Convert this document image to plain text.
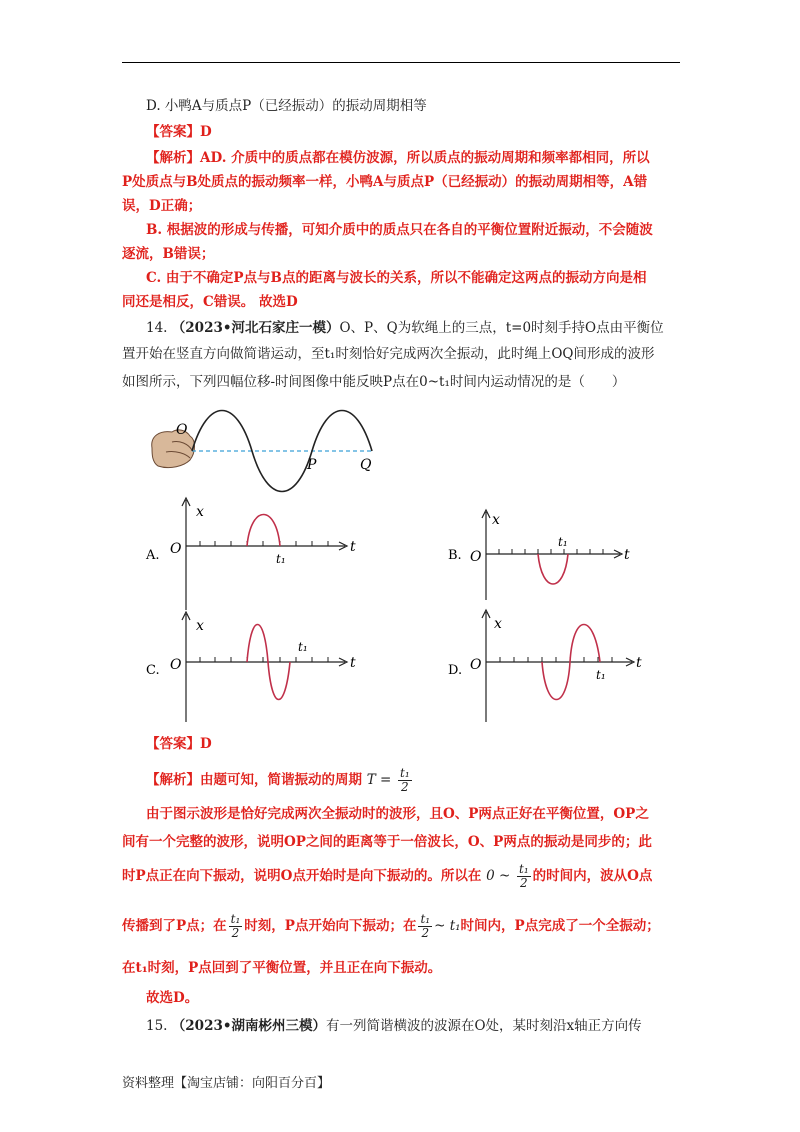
D. 小鸭A与质点P（已经振动）的振动周期相等
【答案】D
【解析】AD. 介质中的质点都在模仿波源，所以质点的振动周期和频率都相同，所以
P处质点与B处质点的振动频率一样，小鸭A与质点P（已经振动）的振动周期相等，A错
误，D正确；
B. 根据波的形成与传播，可知介质中的质点只在各自的平衡位置附近振动，不会随波
逐流，B错误；
C. 由于不确定P点与B点的距离与波长的关系，所以不能确定这两点的振动方向是相
同还是相反，C错误。 故选D
14. （2023•河北石家庄一模）O、P、Q为软绳上的三点，t=0时刻手持O点由平衡位
置开始在竖直方向做简谐运动，至t₁时刻恰好完成两次全振动，此时绳上OQ间形成的波形
如图所示，下列四幅位移-时间图像中能反映P点在0~t₁时间内运动情况的是（　　）
O
P	Q
A.
x
O	t
t₁	B.
x
O	t
t₁
C.
x
O	t
t₁
D.
x
O	t
t₁
【答案】D
【解析】由题可知，简谐振动的周期 $T = \frac{\text{t₁}}{2}$
由于图示波形是恰好完成两次全振动时的波形，且O、P两点正好在平衡位置，OP之
间有一个完整的波形，说明OP之间的距离等于一倍波长，O、P两点的振动是同步的；此
时P点正在向下振动，说明O点开始时是向下振动的。所以在 0 ~ $\frac{\text{t₁}}{2}$ 的时间内，波从O点
传播到了P点；在 $\frac{\text{t₁}}{2}$ 时刻，P点开始向下振动；在 $\frac{\text{t₁}}{2}$ ~ t₁时间内，P点完成了一个全振动；
在t₁时刻，P点回到了平衡位置，并且正在向下振动。
故选D。
15. （2023•湖南彬州三模）有一列简谐横波的波源在O处，某时刻沿x轴正方向传
资料整理【淘宝店铺：向阳百分百】
